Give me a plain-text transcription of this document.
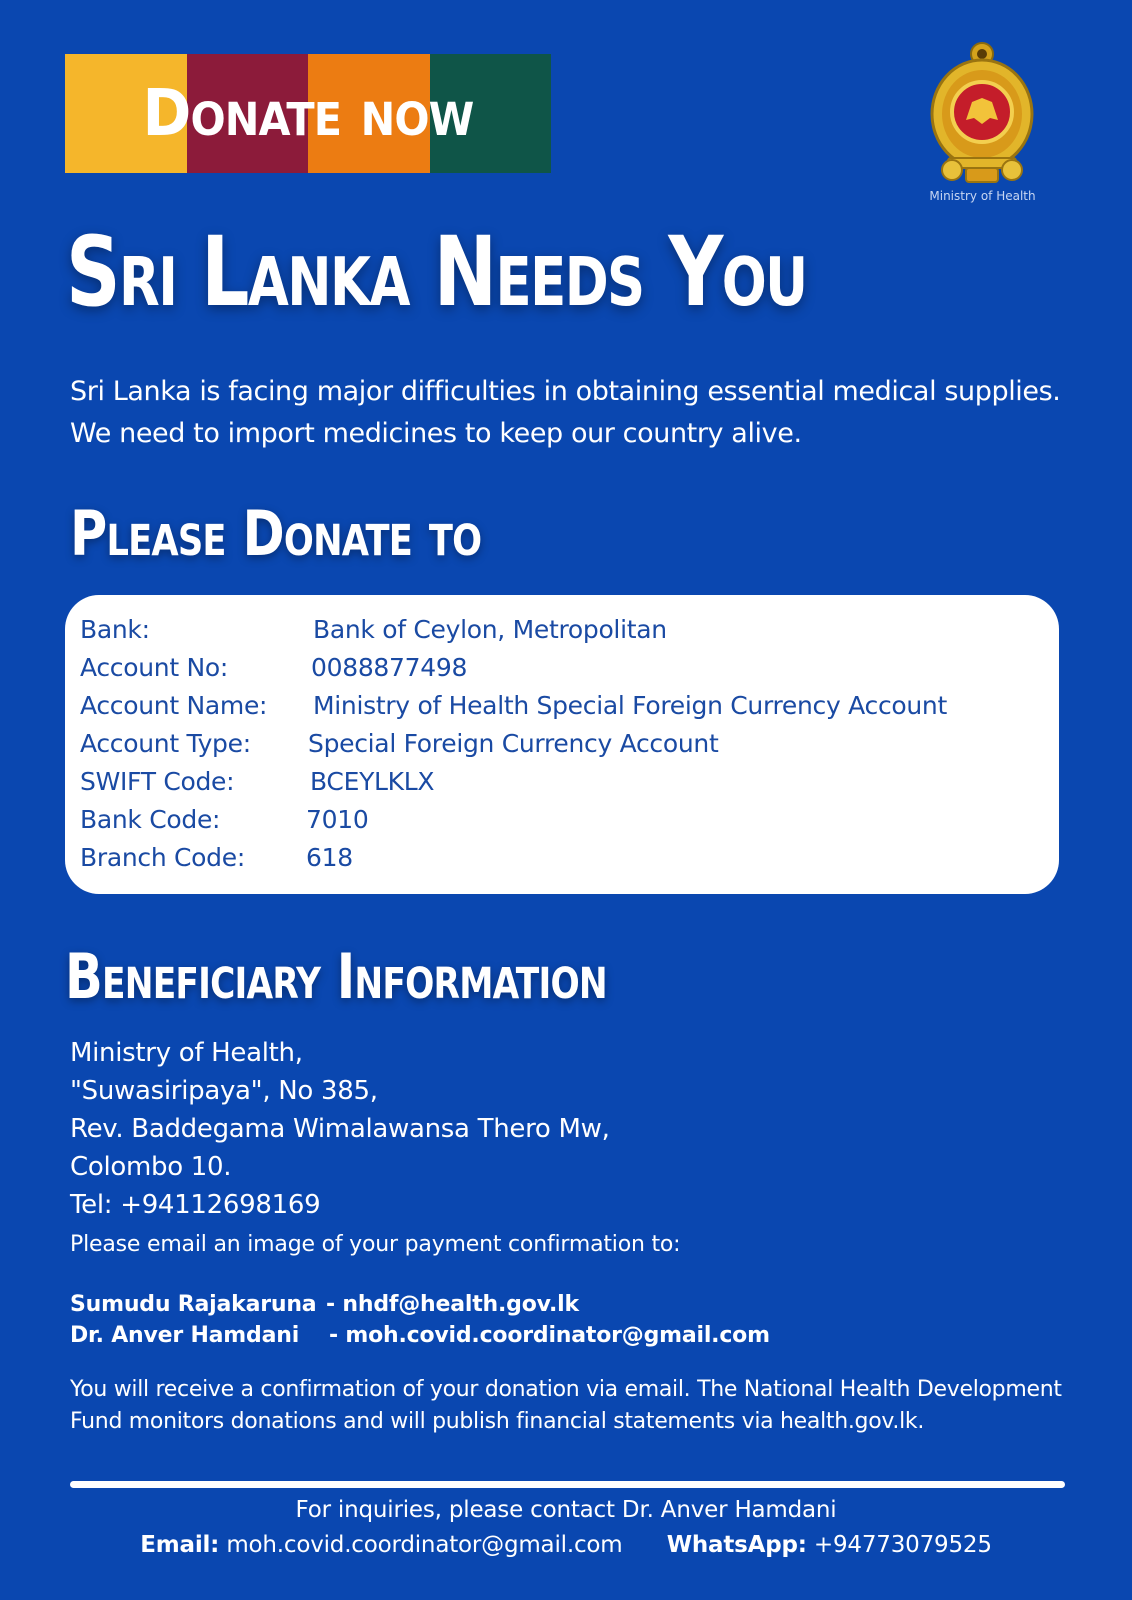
Donate now
Ministry of Health
Sri Lanka Needs You
Sri Lanka is facing major difficulties in obtaining essential medical supplies. We need to import medicines to keep our country alive.
Please Donate to
Bank:	Bank of Ceylon, Metropolitan
Account No:	0088877498
Account Name: Ministry of Health Special Foreign Currency Account
Account Type: Special Foreign Currency Account
SWIFT Code:	BCEYLKLX
Bank Code:	7010
Branch Code: 618
Beneficiary Information
Ministry of Health,
"Suwasiripaya", No 385,
Rev. Baddegama Wimalawansa Thero Mw,
Colombo 10.
Tel: +94112698169
Please email an image of your payment confirmation to:
Sumudu Rajakaruna - nhdf@health.gov.lk
Dr. Anver Hamdani - moh.covid.coordinator@gmail.com
You will receive a confirmation of your donation via email. The National Health Development Fund monitors donations and will publish financial statements via health.gov.lk.
For inquiries, please contact Dr. Anver Hamdani
Email: moh.covid.coordinator@gmail.com WhatsApp: +94773079525
